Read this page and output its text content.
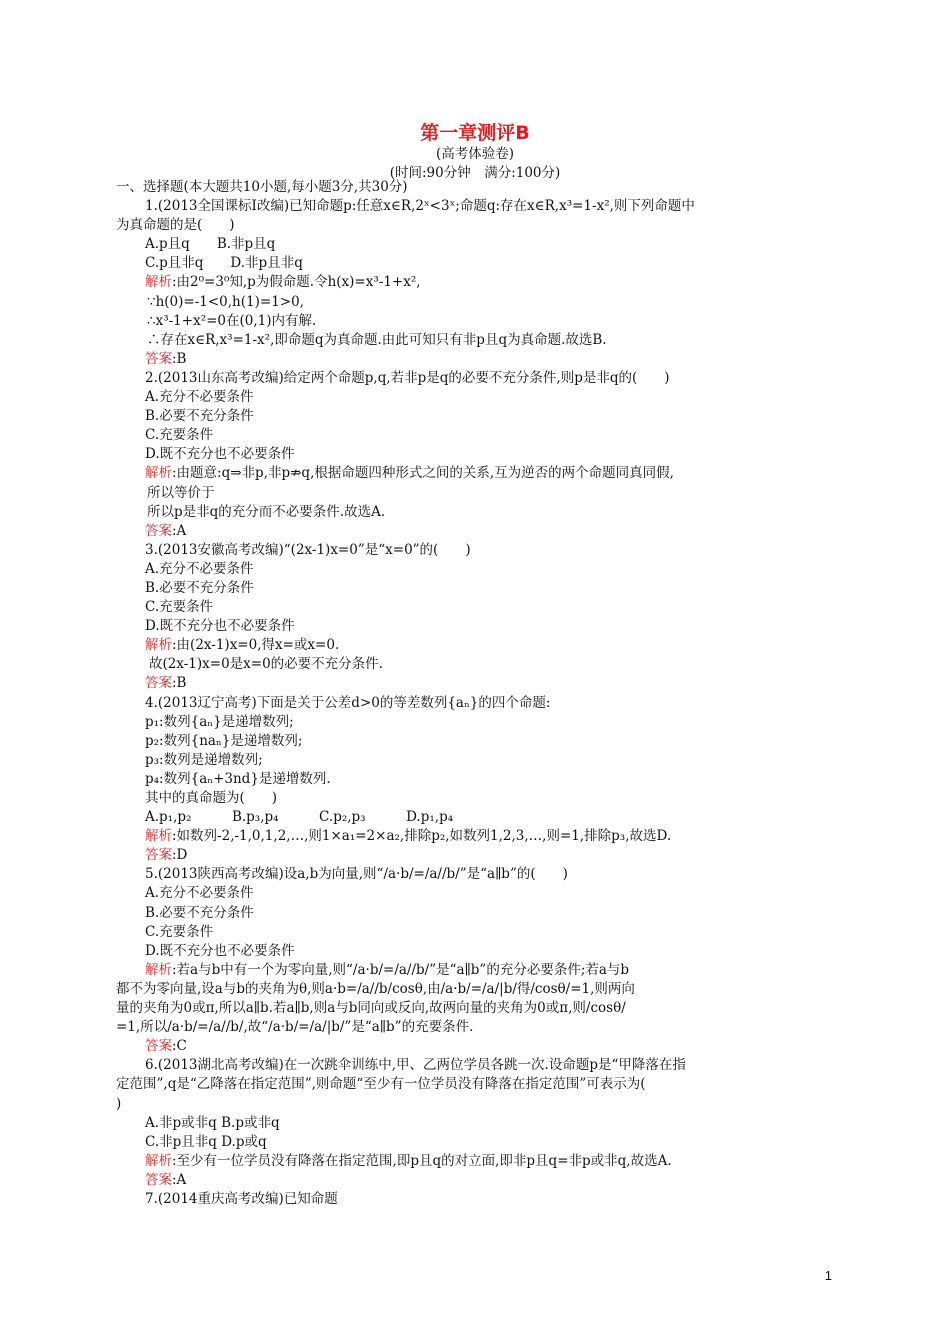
第一章测评B
(高考体验卷)
(时间:90分钟　满分:100分)
一、选择题(本大题共10小题,每小题3分,共30分)
1.(2013全国课标Ⅰ改编)已知命题p:任意x∈R,2ˣ<3ˣ;命题q:存在x∈R,x³=1-x²,则下列命题中
为真命题的是(　　)
A.p且q　　B.非p且q
C.p且非q　　D.非p且非q
解析:由2⁰=3⁰知,p为假命题.令h(x)=x³-1+x²,
∵h(0)=-1<0,h(1)=1>0,
∴x³-1+x²=0在(0,1)内有解.
∴存在x∈R,x³=1-x²,即命题q为真命题.由此可知只有非p且q为真命题.故选B.
答案:B
2.(2013山东高考改编)给定两个命题p,q,若非p是q的必要不充分条件,则p是非q的(　　)
A.充分不必要条件
B.必要不充分条件
C.充要条件
D.既不充分也不必要条件
解析:由题意:q⇒非p,非p⇏q,根据命题四种形式之间的关系,互为逆否的两个命题同真同假,
所以等价于
所以p是非q的充分而不必要条件.故选A.
答案:A
3.(2013安徽高考改编)“(2x-1)x=0”是“x=0”的(　　)
A.充分不必要条件
B.必要不充分条件
C.充要条件
D.既不充分也不必要条件
解析:由(2x-1)x=0,得x=或x=0.
故(2x-1)x=0是x=0的必要不充分条件.
答案:B
4.(2013辽宁高考)下面是关于公差d>0的等差数列{aₙ}的四个命题:
p₁:数列{aₙ}是递增数列;
p₂:数列{naₙ}是递增数列;
p₃:数列是递增数列;
p₄:数列{aₙ+3nd}是递增数列.
其中的真命题为(　　)
A.p₁,p₂　　　B.p₃,p₄　　　C.p₂,p₃　　　D.p₁,p₄
解析:如数列-2,-1,0,1,2,…,则1×a₁=2×a₂,排除p₂,如数列1,2,3,…,则=1,排除p₃,故选D.
答案:D
5.(2013陕西高考改编)设a,b为向量,则“/a·b/=/a//b/”是“a∥b”的(　　)
A.充分不必要条件
B.必要不充分条件
C.充要条件
D.既不充分也不必要条件
解析:若a与b中有一个为零向量,则“/a·b/=/a//b/”是“a∥b”的充分必要条件;若a与b
都不为零向量,设a与b的夹角为θ,则a·b=/a//b/cosθ,由/a·b/=/a/|b/得/cosθ/=1,则两向
量的夹角为0或π,所以a∥b.若a∥b,则a与b同向或反向,故两向量的夹角为0或π,则/cosθ/
=1,所以/a·b/=/a//b/,故“/a·b/=/a/|b/”是“a∥b”的充要条件.
答案:C
6.(2013湖北高考改编)在一次跳伞训练中,甲、乙两位学员各跳一次.设命题p是“甲降落在指
定范围”,q是“乙降落在指定范围”,则命题“至少有一位学员没有降落在指定范围”可表示为(
)
A.非p或非q B.p或非q
C.非p且非q D.p或q
解析:至少有一位学员没有降落在指定范围,即p且q的对立面,即非p且q=非p或非q,故选A.
答案:A
7.(2014重庆高考改编)已知命题
1
